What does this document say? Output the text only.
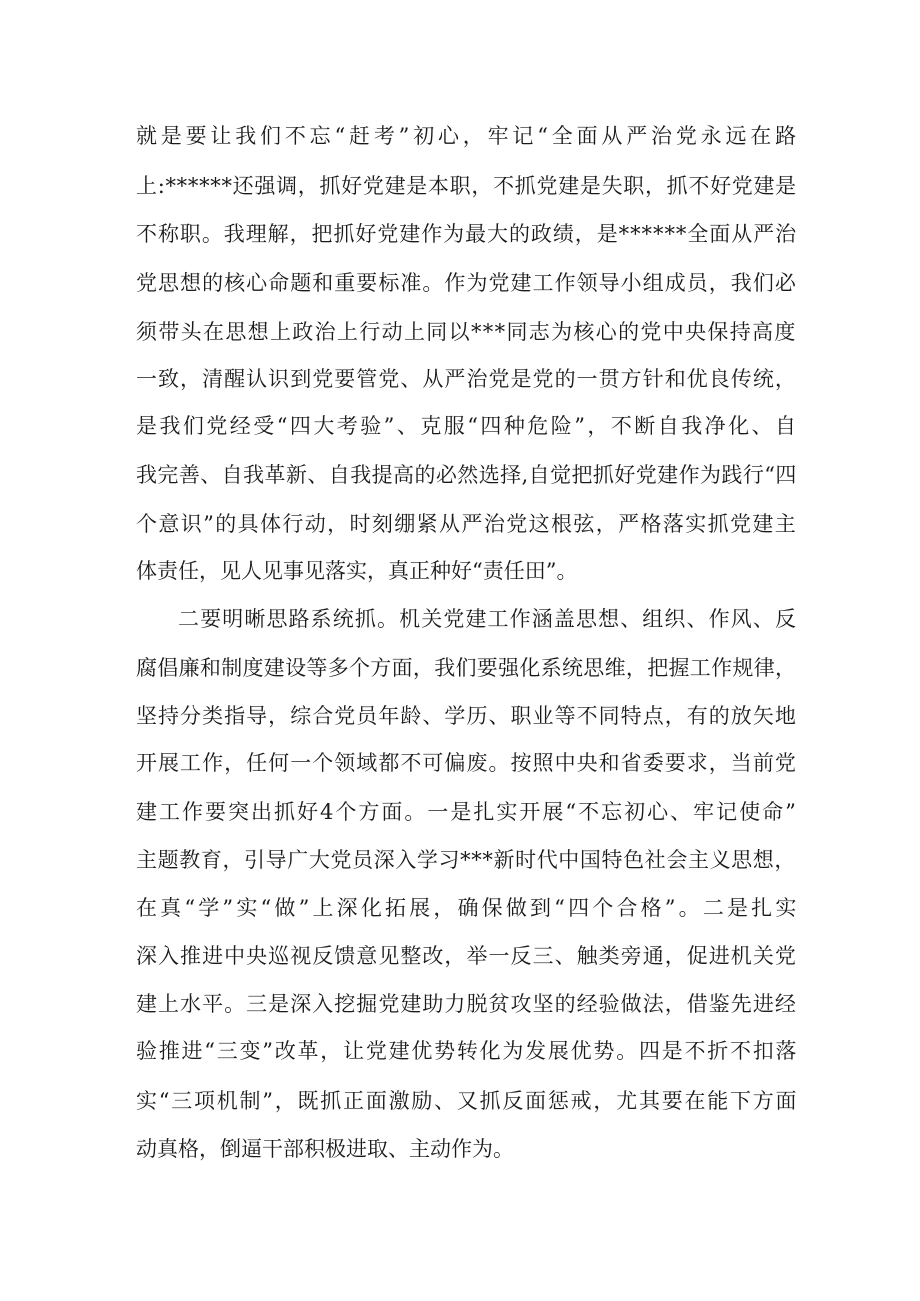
就是要让我们不忘“赶考”初心，牢记“全面从严治党永远在路
上:******还强调，抓好党建是本职，不抓党建是失职，抓不好党建是
不称职。我理解，把抓好党建作为最大的政绩，是******全面从严治
党思想的核心命题和重要标准。作为党建工作领导小组成员，我们必
须带头在思想上政治上行动上同以***同志为核心的党中央保持高度
一致，清醒认识到党要管党、从严治党是党的一贯方针和优良传统，
是我们党经受“四大考验”、克服“四种危险”，不断自我净化、自
我完善、自我革新、自我提高的必然选择,自觉把抓好党建作为践行“四
个意识”的具体行动，时刻绷紧从严治党这根弦，严格落实抓党建主
体责任，见人见事见落实，真正种好“责任田”。
二要明晰思路系统抓。机关党建工作涵盖思想、组织、作风、反
腐倡廉和制度建设等多个方面，我们要强化系统思维，把握工作规律，
坚持分类指导，综合党员年龄、学历、职业等不同特点，有的放矢地
开展工作，任何一个领域都不可偏废。按照中央和省委要求，当前党
建工作要突出抓好4个方面。一是扎实开展“不忘初心、牢记使命”
主题教育，引导广大党员深入学习***新时代中国特色社会主义思想，
在真“学”实“做”上深化拓展，确保做到“四个合格”。二是扎实
深入推进中央巡视反馈意见整改，举一反三、触类旁通，促进机关党
建上水平。三是深入挖掘党建助力脱贫攻坚的经验做法，借鉴先进经
验推进“三变”改革，让党建优势转化为发展优势。四是不折不扣落
实“三项机制”，既抓正面激励、又抓反面惩戒，尤其要在能下方面
动真格，倒逼干部积极进取、主动作为。
